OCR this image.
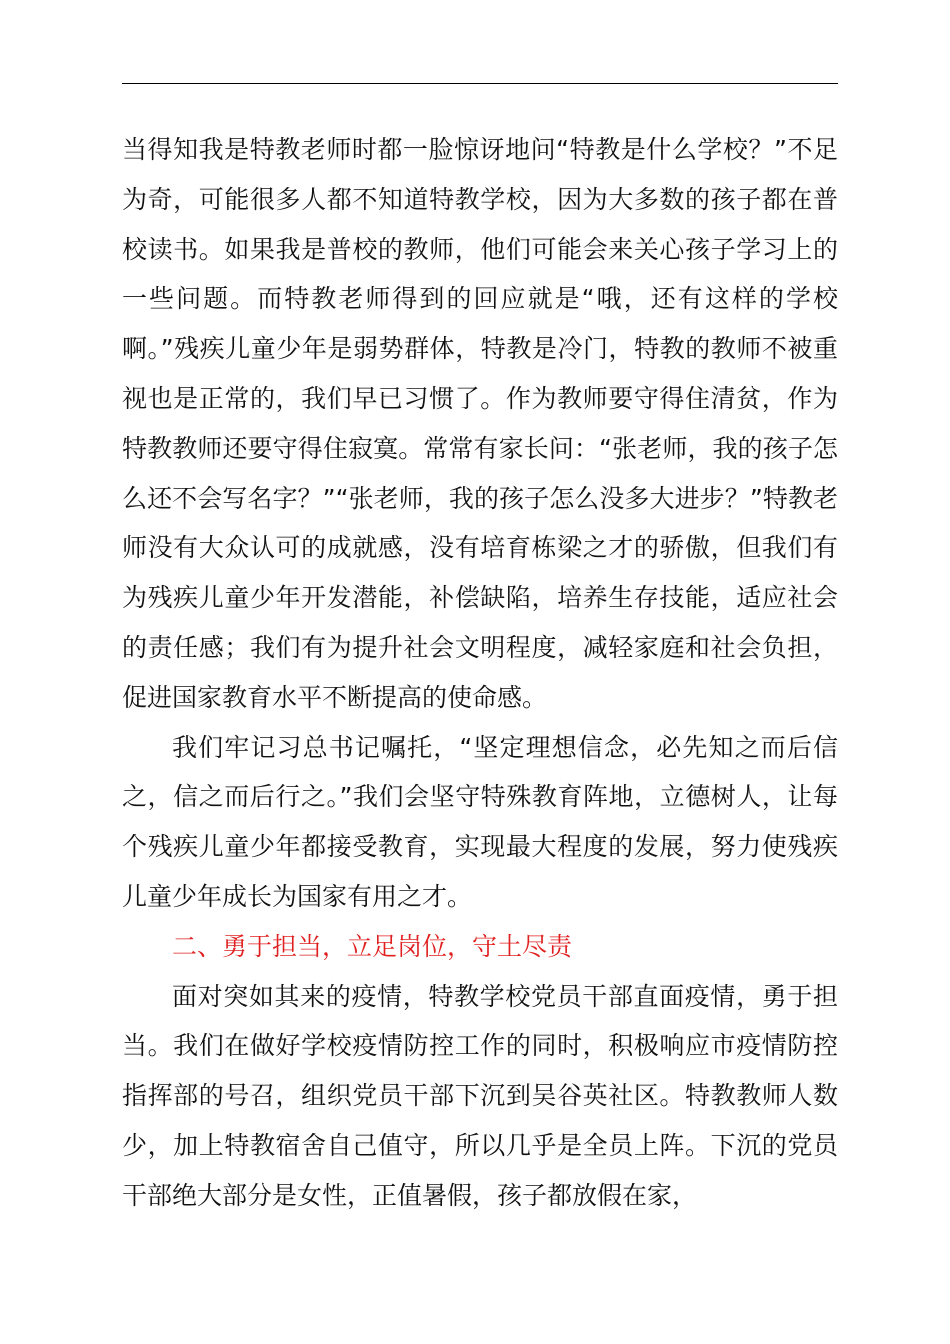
当得知我是特教老师时都一脸惊讶地问“特教是什么学校？”不足为奇，可能很多人都不知道特教学校，因为大多数的孩子都在普校读书。如果我是普校的教师，他们可能会来关心孩子学习上的一些问题。而特教老师得到的回应就是“哦，还有这样的学校啊。”残疾儿童少年是弱势群体，特教是冷门，特教的教师不被重视也是正常的，我们早已习惯了。作为教师要守得住清贫，作为特教教师还要守得住寂寞。常常有家长问：“张老师，我的孩子怎么还不会写名字？”“张老师，我的孩子怎么没多大进步？”特教老师没有大众认可的成就感，没有培育栋梁之才的骄傲，但我们有为残疾儿童少年开发潜能，补偿缺陷，培养生存技能，适应社会的责任感；我们有为提升社会文明程度，减轻家庭和社会负担，促进国家教育水平不断提高的使命感。

我们牢记习总书记嘱托，“坚定理想信念，必先知之而后信之，信之而后行之。”我们会坚守特殊教育阵地，立德树人，让每个残疾儿童少年都接受教育，实现最大程度的发展，努力使残疾儿童少年成长为国家有用之才。

二、勇于担当，立足岗位，守土尽责

面对突如其来的疫情，特教学校党员干部直面疫情，勇于担当。我们在做好学校疫情防控工作的同时，积极响应市疫情防控指挥部的号召，组织党员干部下沉到吴谷英社区。特教教师人数少，加上特教宿舍自己值守，所以几乎是全员上阵。下沉的党员干部绝大部分是女性，正值暑假，孩子都放假在家，
